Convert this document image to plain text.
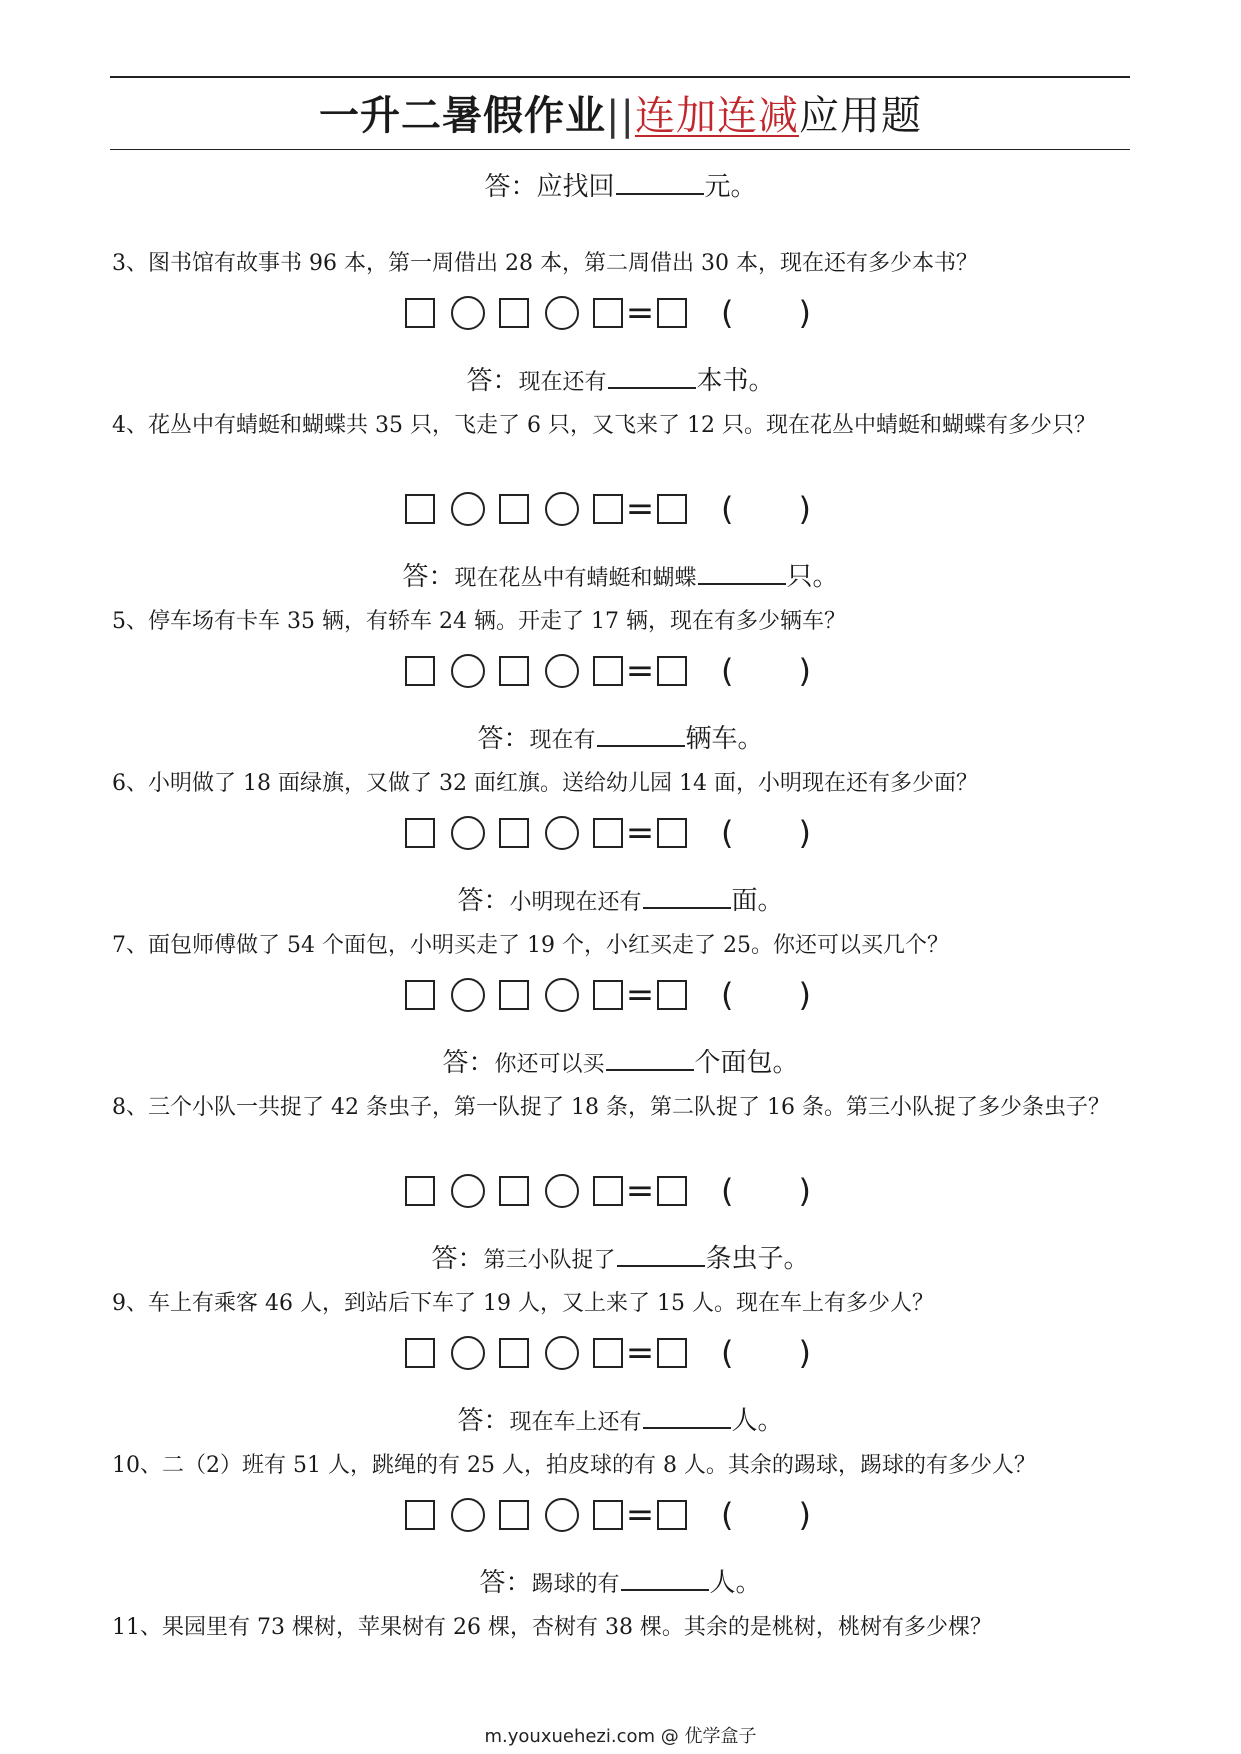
一升二暑假作业||连加连减应用题
答：应找回	元。
3、图书馆有故事书 96 本，第一周借出 28 本，第二周借出 30 本，现在还有多少本书？
= ( )
答：现在还有	本书。
4、花丛中有蜻蜓和蝴蝶共 35 只，飞走了 6 只，又飞来了 12 只。现在花丛中蜻蜓和蝴蝶有多少只？
= ( )
答：现在花丛中有蜻蜓和蝴蝶	只。
5、停车场有卡车 35 辆，有轿车 24 辆。开走了 17 辆，现在有多少辆车？
= ( )
答：现在有	辆车。
6、小明做了 18 面绿旗，又做了 32 面红旗。送给幼儿园 14 面，小明现在还有多少面？
= ( )
答：小明现在还有	面。
7、面包师傅做了 54 个面包，小明买走了 19 个，小红买走了 25。你还可以买几个？
= ( )
答：你还可以买	个面包。
8、三个小队一共捉了 42 条虫子，第一队捉了 18 条，第二队捉了 16 条。第三小队捉了多少条虫子？
= ( )
答：第三小队捉了	条虫子。
9、车上有乘客 46 人，到站后下车了 19 人，又上来了 15 人。现在车上有多少人？
= ( )
答：现在车上还有	人。
10、二（2）班有 51 人，跳绳的有 25 人，拍皮球的有 8 人。其余的踢球，踢球的有多少人？
= ( )
答：踢球的有	人。
11、果园里有 73 棵树，苹果树有 26 棵，杏树有 38 棵。其余的是桃树，桃树有多少棵？
m.youxuehezi.com @ 优学盒子
